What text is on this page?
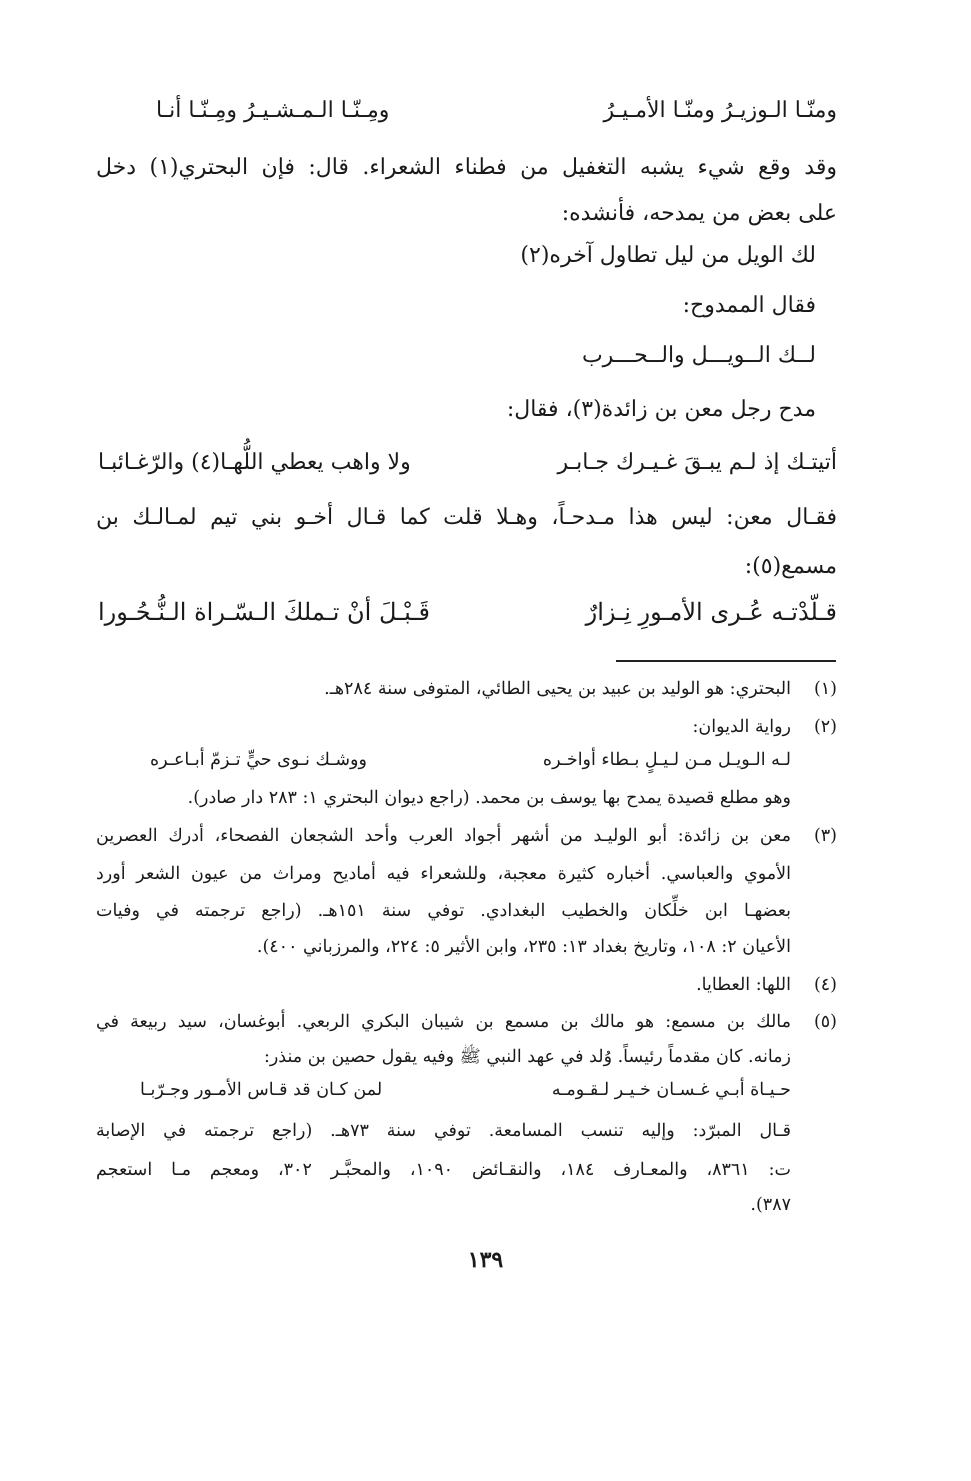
ومنّـا الـوزيـرُ ومنّـا الأمـيـرُ
ومِـنّـا الـمـشـيـرُ ومِـنّـا أنـا
وقد وقع شيء يشبه التغفيل من فطناء الشعراء. قال: فإن البحتري(١) دخل
على بعض من يمدحه، فأنشده:
لك الويل من ليل تطاول آخره(٢)
فقال الممدوح:
لــك الــويـــل والــحـــرب
مدح رجل معن بن زائدة(٣)، فقال:
أتيتـك إذ لـم يبـقَ غـيـرك جـابـر
ولا واهب يعطي اللُّهـا(٤) والرّغـائبـا
فقـال معن: ليس هذا مـدحـاً، وهـلا قلت كما قـال أخـو بني تيم لمـالـك بن
مسمع(٥):
قـلّدْتـه عُـرى الأمـورِ نِـزارٌ
قَـبْـلَ أنْ تـملكَ الـسّـراة الـنُّـحُـورا
(١)
البحتري: هو الوليد بن عبيد بن يحيى الطائي، المتوفى سنة ٢٨٤هـ.
(٢)
رواية الديوان:
لـه الـويـل مـن لـيـلٍ بـطاء أواخـره
ووشـك نـوى حيٍّ تـزمّ أبـاعـره
وهو مطلع قصيدة يمدح بها يوسف بن محمد. (راجع ديوان البحتري ١: ٢٨٣ دار صادر).
(٣)
معن بن زائدة: أبو الوليـد من أشهر أجواد العرب وأحد الشجعان الفصحاء، أدرك العصرين
الأموي والعباسي. أخباره كثيرة معجبة، وللشعراء فيه أماديح ومراث من عيون الشعر أورد
بعضهـا ابن خلِّكان والخطيب البغدادي. توفي سنة ١٥١هـ. (راجع ترجمته في وفيات
الأعيان ٢: ١٠٨، وتاريخ بغداد ١٣: ٢٣٥، وابن الأثير ٥: ٢٢٤، والمرزباني ٤٠٠).
(٤)
اللها: العطايا.
(٥)
مالك بن مسمع: هو مالك بن مسمع بن شيبان البكري الربعي. أبوغسان، سيد ربيعة في
زمانه. كان مقدماً رئيساً. وُلد في عهد النبي ﷺ وفيه يقول حصين بن منذر:
حـيـاة أبـي غـسـان خـيـر لـقـومـه
لمن كـان قد قـاس الأمـور وجـرّبـا
قـال المبرّد: وإليه تنسب المسامعة. توفي سنة ٧٣هـ. (راجع ترجمته في الإصابة
ت: ٨٣٦١، والمعـارف ١٨٤، والنقـائض ١٠٩٠، والمحبَّـر ٣٠٢، ومعجم مـا استعجم
٣٨٧).
١٣٩
